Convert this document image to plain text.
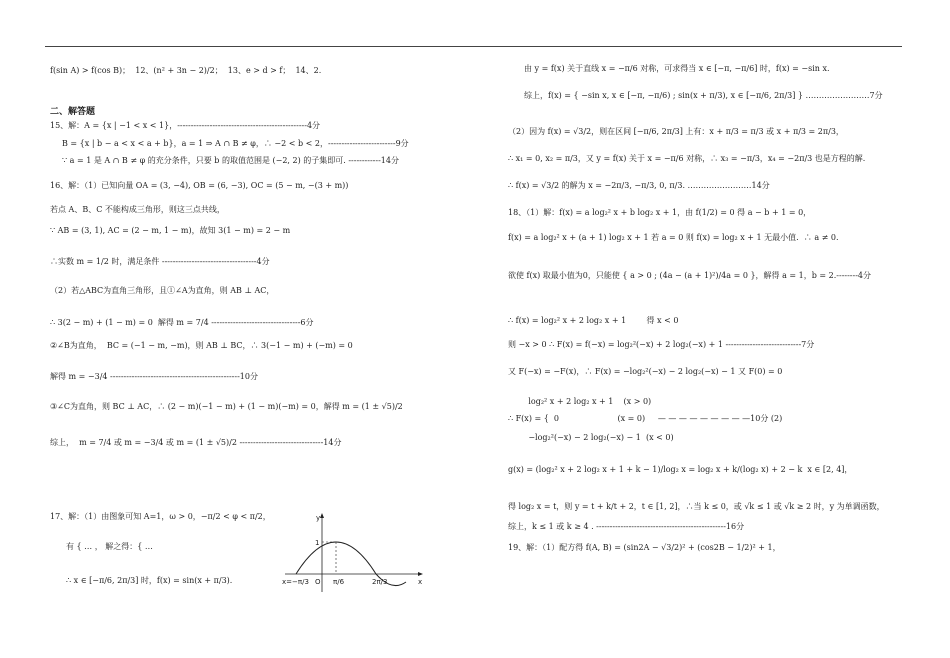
f(sin A) > f(cos B)；  12、(n² + 3n − 2)/2；  13、e > d > f；  14、2.
二、解答题
15、解：A = {x | −1 < x < 1}，------------------------------------------------4分
B = {x | b − a < x < a + b}，a = 1 ⇒ A ∩ B ≠ φ，∴ −2 < b < 2，-------------------------9分
∵ a = 1 是 A ∩ B ≠ φ 的充分条件，只要 b 的取值范围是 (−2, 2) 的子集即可. ------------14分
16、解：（1）已知向量 OA = (3, −4), OB = (6, −3), OC = (5 − m, −(3 + m))
若点 A、B、C 不能构成三角形，则这三点共线，
∵ AB = (3, 1), AC = (2 − m, 1 − m)，故知 3(1 − m) = 2 − m
∴实数 m = 1/2 时，满足条件 -----------------------------------4分
（2）若△ABC为直角三角形，且①∠A为直角，则 AB ⊥ AC，
∴ 3(2 − m) + (1 − m) = 0  解得 m = 7/4 ---------------------------------6分
②∠B为直角，  BC = (−1 − m, −m)，则 AB ⊥ BC，∴ 3(−1 − m) + (−m) = 0
解得 m = −3/4 ------------------------------------------------10分
③∠C为直角，则 BC ⊥ AC，∴ (2 − m)(−1 − m) + (1 − m)(−m) = 0，解得 m = (1 ± √5)/2
综上，  m = 7/4 或 m = −3/4 或 m = (1 ± √5)/2 -------------------------------14分
17、解：（1）由图象可知 A=1，ω > 0，−π/2 < φ < π/2，
有 { … ， 解之得：{ …
∴ x ∈ [−π/6, 2π/3] 时，f(x) = sin(x + π/3).
y
x
1
O
x=−π/3	π/6	2π/3
由 y = f(x) 关于直线 x = −π/6 对称，可求得当 x ∈ [−π, −π/6] 时，f(x) = −sin x.
综上，f(x) = { −sin x, x ∈ [−π, −π/6) ; sin(x + π/3), x ∈ [−π/6, 2π/3] } ……………………7分
（2）因为 f(x) = √3/2，则在区间 [−π/6, 2π/3] 上有：x + π/3 = π/3 或 x + π/3 = 2π/3，
∴ x₁ = 0, x₂ = π/3，又 y = f(x) 关于 x = −π/6 对称，∴ x₃ = −π/3，x₄ = −2π/3 也是方程的解.
∴ f(x) = √3/2 的解为 x = −2π/3, −π/3, 0, π/3. ……………………14分
18、（1）解：f(x) = a log₂² x + b log₂ x + 1，由 f(1/2) = 0 得 a − b + 1 = 0，
f(x) = a log₂² x + (a + 1) log₂ x + 1 若 a = 0 则 f(x) = log₂ x + 1 无最小值.  ∴ a ≠ 0.
欲使 f(x) 取最小值为0，只能使 { a > 0 ; (4a − (a + 1)²)/4a = 0 }，解得 a = 1，b = 2.--------4分
∴ f(x) = log₂² x + 2 log₂ x + 1        得 x < 0
则 −x > 0 ∴ F(x) = f(−x) = log₂²(−x) + 2 log₂(−x) + 1 ----------------------------7分
又 F(−x) = −F(x)，∴ F(x) = −log₂²(−x) − 2 log₂(−x) − 1 又 F(0) = 0
log₂² x + 2 log₂ x + 1    (x > 0)
∴ F(x) = {  0                       (x = 0)     — — — — — — — — —10分 (2)
−log₂²(−x) − 2 log₂(−x) − 1  (x < 0)
g(x) = (log₂² x + 2 log₂ x + 1 + k − 1)/log₂ x = log₂ x + k/(log₂ x) + 2 − k  x ∈ [2, 4]，
得 log₂ x = t，则 y = t + k/t + 2，t ∈ [1, 2]，∴当 k ≤ 0，或 √k ≤ 1 或 √k ≥ 2 时，y 为单调函数，
综上，k ≤ 1 或 k ≥ 4 . ------------------------------------------------16分
19、解：（1）配方得 f(A, B) = (sin2A − √3/2)² + (cos2B − 1/2)² + 1，
